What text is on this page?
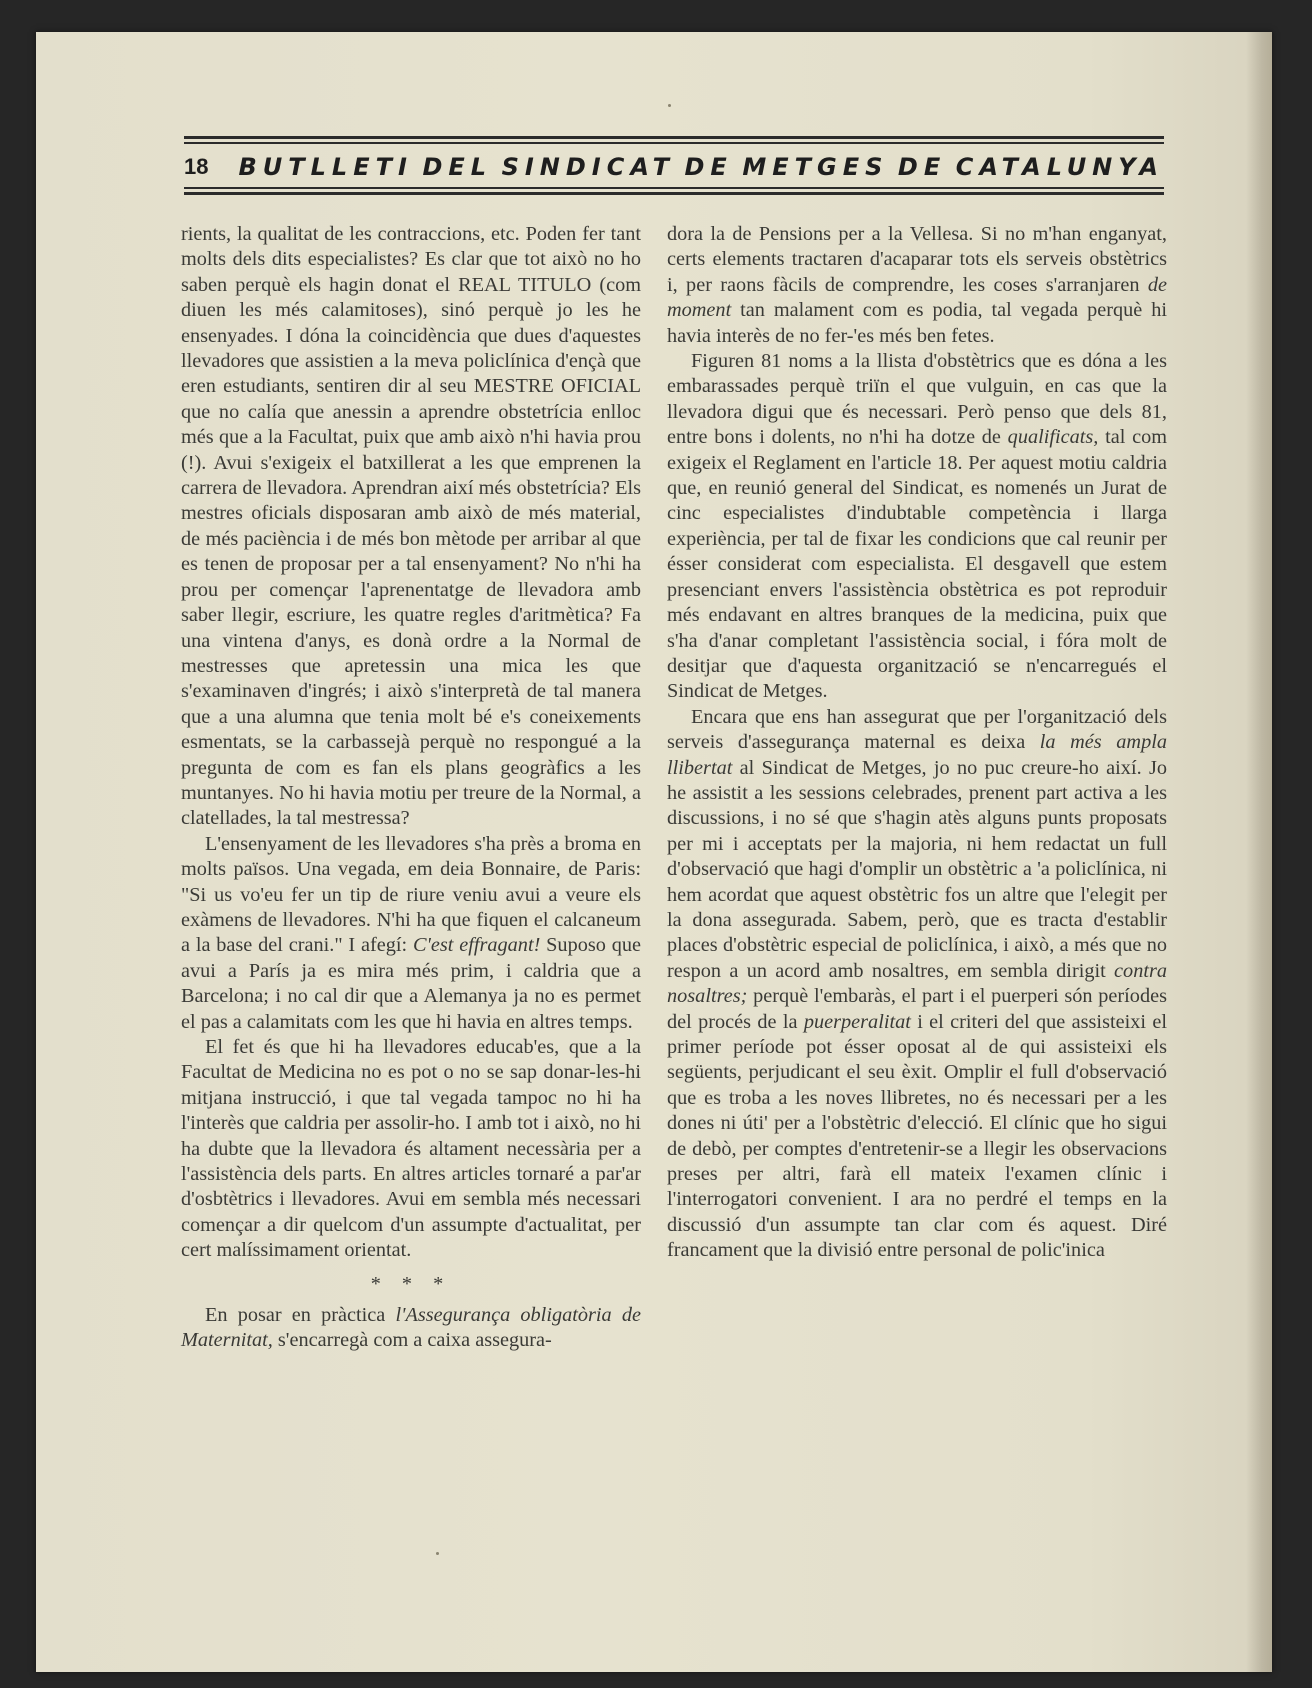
18 BUTLLETI DEL SINDICAT DE METGES DE CATALUNYA

rients, la qualitat de les contraccions, etc. Poden fer tant molts dels dits especialistes? Es clar que tot això no ho saben perquè els hagin donat el REAL TITULO (com diuen les més calamitoses), sinó perquè jo les he ensenyades. I dóna la coincidència que dues d'aquestes llevadores que assistien a la meva policlínica d'ençà que eren estudiants, sentiren dir al seu MESTRE OFICIAL que no calía que anessin a aprendre obstetrícia enlloc més que a la Facultat, puix que amb això n'hi havia prou (!). Avui s'exigeix el batxillerat a les que emprenen la carrera de llevadora. Aprendran així més obstetrícia? Els mestres oficials disposaran amb això de més material, de més paciència i de més bon mètode per arribar al que es tenen de proposar per a tal ensenyament? No n'hi ha prou per començar l'aprenentatge de llevadora amb saber llegir, escriure, les quatre regles d'aritmètica? Fa una vintena d'anys, es donà ordre a la Normal de mestresses que apretessin una mica les que s'examinaven d'ingrés; i això s'interpretà de tal manera que a una alumna que tenia molt bé e's coneixements esmentats, se la carbassejà perquè no respongué a la pregunta de com es fan els plans geogràfics a les muntanyes. No hi havia motiu per treure de la Normal, a clatellades, la tal mestressa?

L'ensenyament de les llevadores s'ha près a broma en molts països. Una vegada, em deia Bonnaire, de Paris: "Si us vo'eu fer un tip de riure veniu avui a veure els exàmens de llevadores. N'hi ha que fiquen el calcaneum a la base del crani." I afegí: C'est effragant! Suposo que avui a París ja es mira més prim, i caldria que a Barcelona; i no cal dir que a Alemanya ja no es permet el pas a calamitats com les que hi havia en altres temps.

El fet és que hi ha llevadores educab'es, que a la Facultat de Medicina no es pot o no se sap donar-les-hi mitjana instrucció, i que tal vegada tampoc no hi ha l'interès que caldria per assolir-ho. I amb tot i això, no hi ha dubte que la llevadora és altament necessària per a l'assistència dels parts. En altres articles tornaré a par'ar d'osbtètrics i llevadores. Avui em sembla més necessari començar a dir quelcom d'un assumpte d'actualitat, per cert malíssimament orientat.

* * *

En posar en pràctica l'Assegurança obligatòria de Maternitat, s'encarregà com a caixa assegura-

dora la de Pensions per a la Vellesa. Si no m'han enganyat, certs elements tractaren d'acaparar tots els serveis obstètrics i, per raons fàcils de comprendre, les coses s'arranjaren de moment tan malament com es podia, tal vegada perquè hi havia interès de no fer-'es més ben fetes.

Figuren 81 noms a la llista d'obstètrics que es dóna a les embarassades perquè triïn el que vulguin, en cas que la llevadora digui que és necessari. Però penso que dels 81, entre bons i dolents, no n'hi ha dotze de qualificats, tal com exigeix el Reglament en l'article 18. Per aquest motiu caldria que, en reunió general del Sindicat, es nomenés un Jurat de cinc especialistes d'indubtable competència i llarga experiència, per tal de fixar les condicions que cal reunir per ésser considerat com especialista. El desgavell que estem presenciant envers l'assistència obstètrica es pot reproduir més endavant en altres branques de la medicina, puix que s'ha d'anar completant l'assistència social, i fóra molt de desitjar que d'aquesta organització se n'encarregués el Sindicat de Metges.

Encara que ens han assegurat que per l'organització dels serveis d'assegurança maternal es deixa la més ampla llibertat al Sindicat de Metges, jo no puc creure-ho així. Jo he assistit a les sessions celebrades, prenent part activa a les discussions, i no sé que s'hagin atès alguns punts proposats per mi i acceptats per la majoria, ni hem redactat un full d'observació que hagi d'omplir un obstètric a 'a policlínica, ni hem acordat que aquest obstètric fos un altre que l'elegit per la dona assegurada. Sabem, però, que es tracta d'establir places d'obstètric especial de policlínica, i això, a més que no respon a un acord amb nosaltres, em sembla dirigit contra nosaltres; perquè l'embaràs, el part i el puerperi són períodes del procés de la puerperalitat i el criteri del que assisteixi el primer període pot ésser oposat al de qui assisteixi els següents, perjudicant el seu èxit. Omplir el full d'observació que es troba a les noves llibretes, no és necessari per a les dones ni úti' per a l'obstètric d'elecció. El clínic que ho sigui de debò, per comptes d'entretenir-se a llegir les observacions preses per altri, farà ell mateix l'examen clínic i l'interrogatori convenient. I ara no perdré el temps en la discussió d'un assumpte tan clar com és aquest. Diré francament que la divisió entre personal de polic'inica
